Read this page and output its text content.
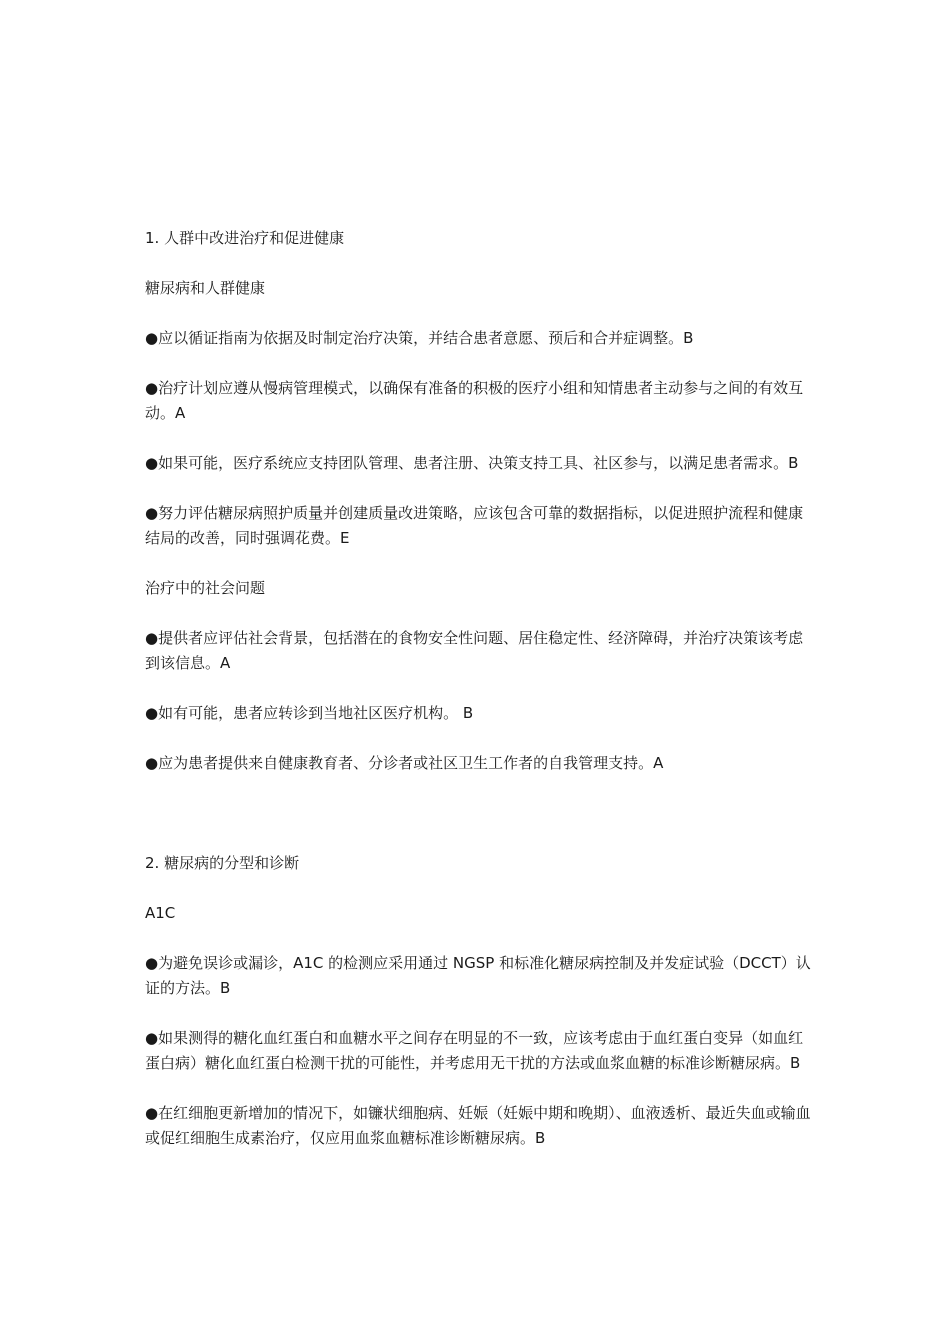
1. 人群中改进治疗和促进健康

糖尿病和人群健康

●应以循证指南为依据及时制定治疗决策，并结合患者意愿、预后和合并症调整。B

●治疗计划应遵从慢病管理模式，以确保有准备的积极的医疗小组和知情患者主动参与之间的有效互动。A

●如果可能，医疗系统应支持团队管理、患者注册、决策支持工具、社区参与，以满足患者需求。B

●努力评估糖尿病照护质量并创建质量改进策略，应该包含可靠的数据指标，以促进照护流程和健康结局的改善，同时强调花费。E

治疗中的社会问题

●提供者应评估社会背景，包括潜在的食物安全性问题、居住稳定性、经济障碍，并治疗决策该考虑到该信息。A

●如有可能，患者应转诊到当地社区医疗机构。 B

●应为患者提供来自健康教育者、分诊者或社区卫生工作者的自我管理支持。A

2. 糖尿病的分型和诊断

A1C

●为避免误诊或漏诊，A1C 的检测应采用通过 NGSP 和标准化糖尿病控制及并发症试验（DCCT）认证的方法。B

●如果测得的糖化血红蛋白和血糖水平之间存在明显的不一致，应该考虑由于血红蛋白变异（如血红蛋白病）糖化血红蛋白检测干扰的可能性，并考虑用无干扰的方法或血浆血糖的标准诊断糖尿病。B

●在红细胞更新增加的情况下，如镰状细胞病、妊娠（妊娠中期和晚期）、血液透析、最近失血或输血或促红细胞生成素治疗，仅应用血浆血糖标准诊断糖尿病。B
